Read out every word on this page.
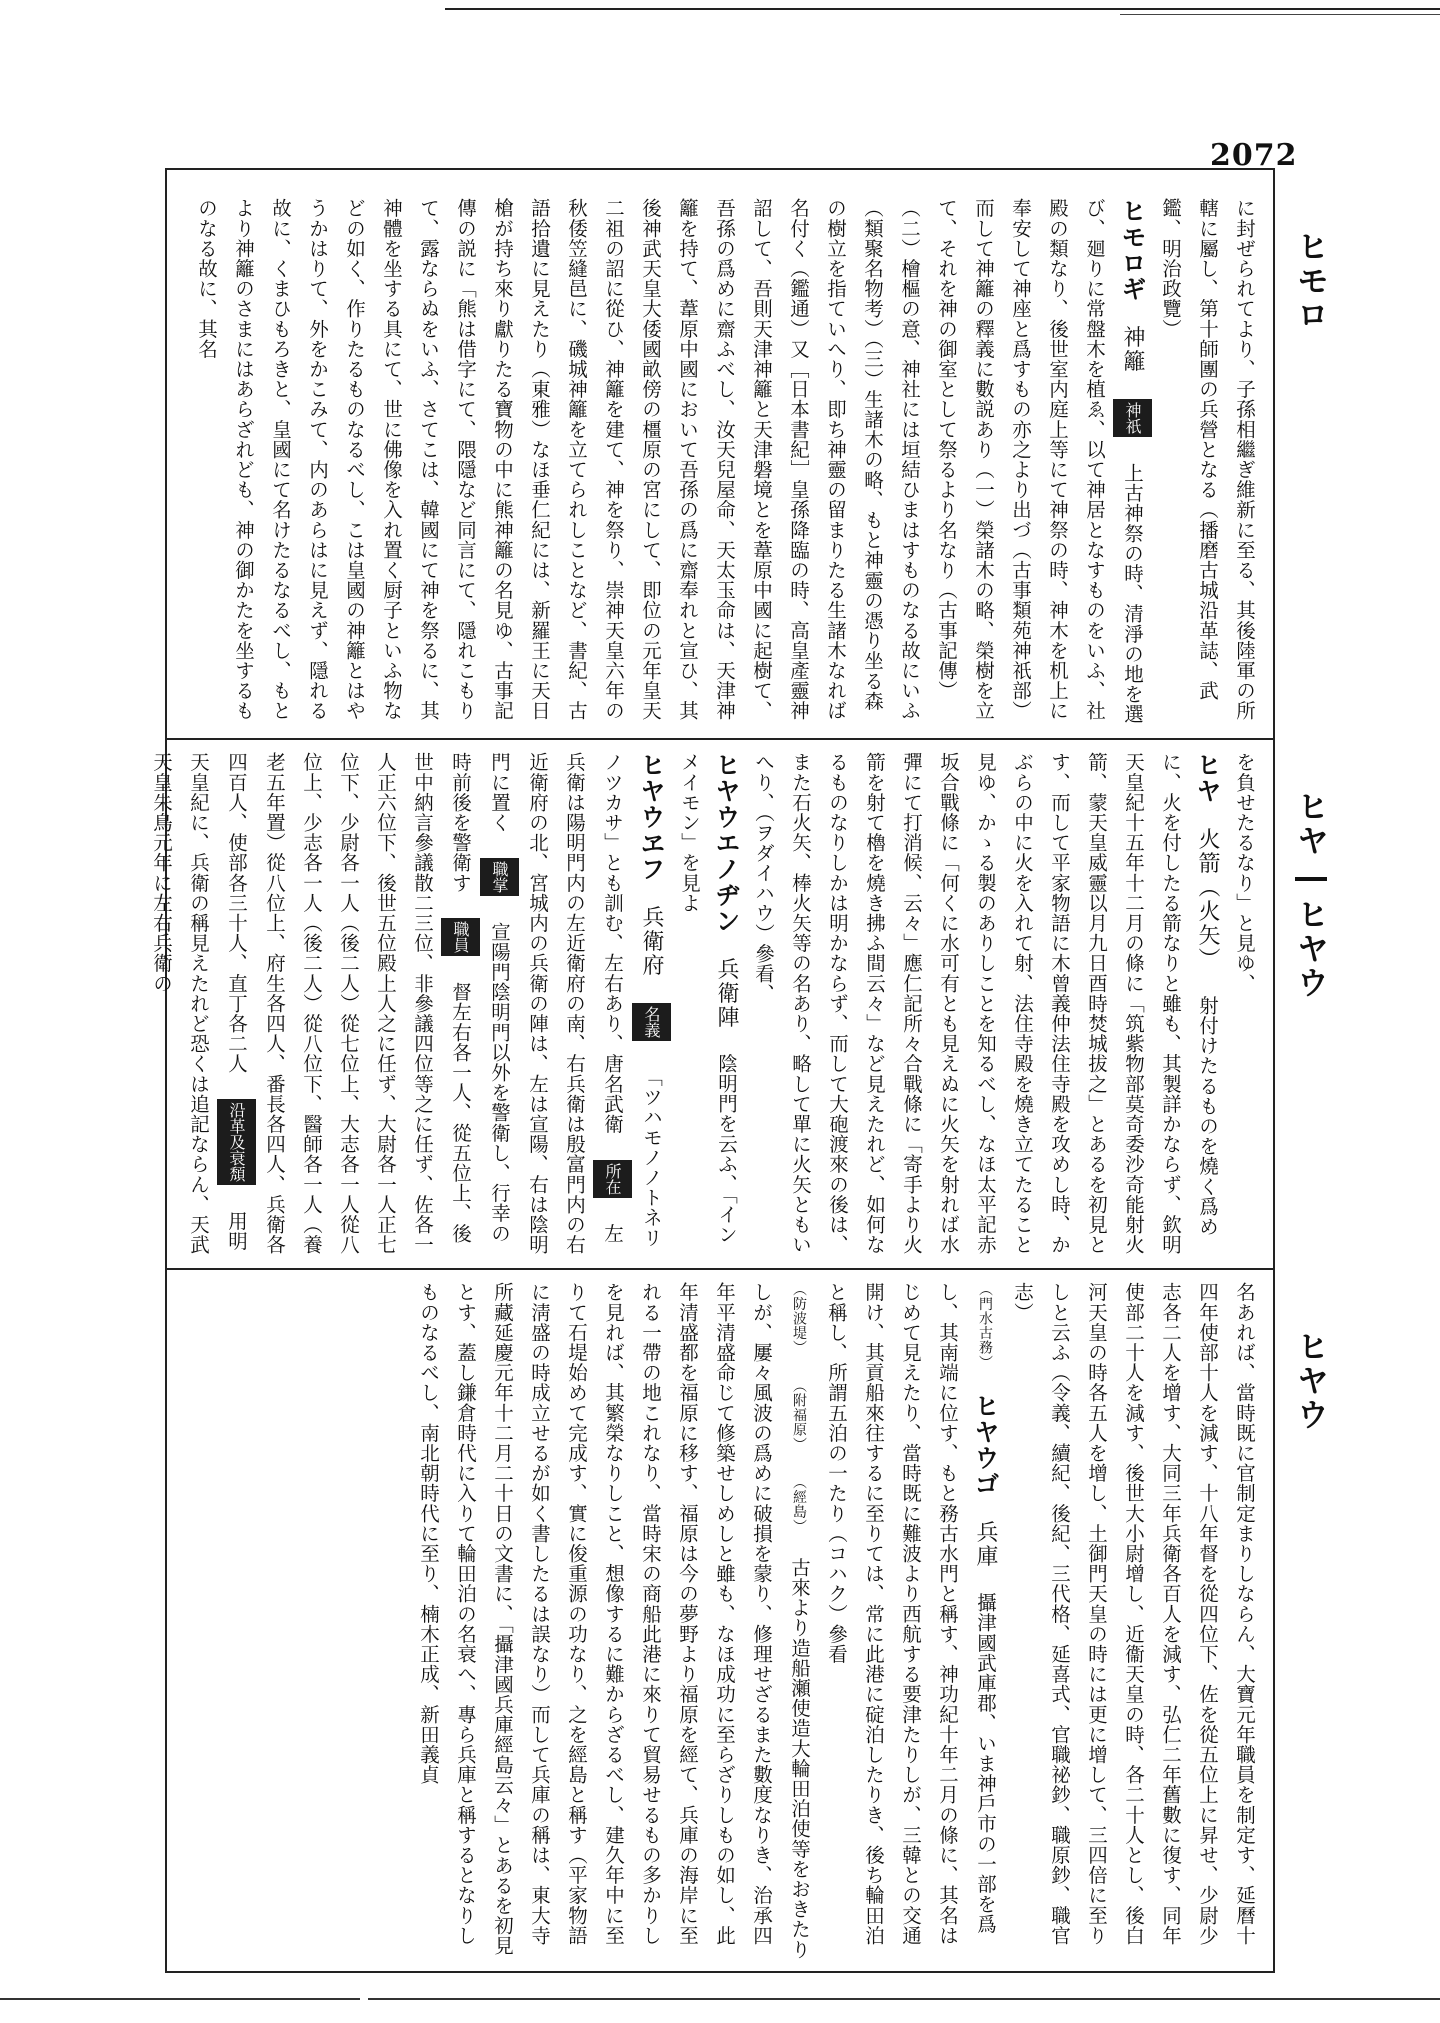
2072
ヒモロ
ヒヤ―ヒヤウ
ヒヤウ
に封ぜられてより、子孫相繼ぎ維新に至る、其後陸軍の所轄に屬し、第十師團の兵營となる（播磨古城沿革誌、武鑑、明治政覽）
ヒモロギ 神籬 神祇 上古神祭の時、清淨の地を選び、廻りに常盤木を植ゑ、以て神居となすものをいふ、社殿の類なり、後世室内庭上等にて神祭の時、神木を机上に奉安して神座と爲すもの亦之より出づ（古事類苑神祇部）而して神籬の釋義に數説あり（一）榮諸木の略、榮樹を立て、それを神の御室として祭るより名なり（古事記傳）（二）檜樞の意、神社には垣結ひまはすものなる故にいふ（類聚名物考）（三）生諸木の略、もと神靈の憑り坐る森の樹立を指ていへり、即ち神靈の留まりたる生諸木なれば名付く（鑑通）又［日本書紀］皇孫降臨の時、高皇產靈神詔して、吾則天津神籬と天津磐境とを葦原中國に起樹て、吾孫の爲めに齋ふべし、汝天兒屋命、天太玉命は、天津神籬を持て、葦原中國において吾孫の爲に齋奉れと宣ひ、其後神武天皇大倭國畝傍の橿原の宮にして、即位の元年皇天二祖の詔に從ひ、神籬を建て、神を祭り、崇神天皇六年の秋倭笠縫邑に、磯城神籬を立てられしことなど、書紀、古語拾遺に見えたり（東雅）なほ垂仁紀には、新羅王に天日槍が持ち來り獻りたる寶物の中に熊神籬の名見ゆ、古事記傳の説に「熊は借字にて、隈隱など同言にて、隱れこもりて、露ならぬをいふ、さてこは、韓國にて神を祭るに、其神體を坐する具にて、世に佛像を入れ置く厨子といふ物などの如く、作りたるものなるべし、こは皇國の神籬とはやうかはりて、外をかこみて、内のあらはに見えず、隱れる故に、くまひもろきと、皇國にて名けたるなるべし、もとより神籬のさまにはあらざれども、神の御かたを坐するものなる故に、其名
を負せたるなり」と見ゆ、
ヒヤ 火箭（火矢） 射付けたるものを燒く爲めに、火を付したる箭なりと雖も、其製詳かならず、欽明天皇紀十五年十二月の條に「筑紫物部莫奇委沙奇能射火箭、蒙天皇威靈以月九日酉時焚城拔之」とあるを初見とす、而して平家物語に木曾義仲法住寺殿を攻めし時、かぶらの中に火を入れて射、法住寺殿を燒き立てたること見ゆ、かゝる製のありしことを知るべし、なほ太平記赤坂合戰條に「何くに水可有とも見えぬに火矢を射れば水彈にて打消候、云々」應仁記所々合戰條に「寄手より火箭を射て櫓を燒き拂ふ間云々」など見えたれど、如何なるものなりしかは明かならず、而して大砲渡來の後は、また石火矢、棒火矢等の名あり、略して單に火矢ともいへり、（ヲダイハウ）參看、
ヒヤウエノヂン 兵衛陣 陰明門を云ふ、「インメイモン」を見よ
ヒヤウヱフ 兵衛府 名義 「ツハモノノトネリノツカサ」とも訓む、左右あり、唐名武衛 所在 左兵衛は陽明門内の左近衛府の南、右兵衛は殷富門内の右近衛府の北、宮城内の兵衛の陣は、左は宣陽、右は陰明門に置く 職掌 宣陽門陰明門以外を警衛し、行幸の時前後を警衛す 職員 督左右各一人、從五位上、後世中納言參議散二三位、非參議四位等之に任ず、佐各一人正六位下、後世五位殿上人之に任ず、大尉各一人正七位下、少尉各一人（後二人）從七位上、大志各一人從八位上、少志各一人（後二人）從八位下、醫師各一人（養老五年置）從八位上、府生各四人、番長各四人、兵衛各四百人、使部各三十人、直丁各二人 沿革及衰頽 用明天皇紀に、兵衛の稱見えたれど恐くは追記ならん、天武天皇朱鳥元年に左右兵衛の
名あれば、當時既に官制定まりしならん、大寶元年職員を制定す、延曆十四年使部十人を減す、十八年督を從四位下、佐を從五位上に昇せ、少尉少志各二人を增す、大同三年兵衛各百人を減す、弘仁二年舊數に復す、同年使部二十人を減す、後世大小尉增し、近衞天皇の時、各二十人とし、後白河天皇の時各五人を增し、土御門天皇の時には更に增して、三四倍に至りしと云ふ（令義、續紀、後紀、三代格、延喜式、官職祕鈔、職原鈔、職官志）
（門水古務） ヒヤウゴ 兵庫 攝津國武庫郡、いま神戶市の一部を爲し、其南端に位す、もと務古水門と稱す、神功紀十年二月の條に、其名はじめて見えたり、當時既に難波より西航する要津たりしが、三韓との交通開け、其貢船來往するに至りては、常に此港に碇泊したりき、後ち輪田泊と稱し、所謂五泊の一たり（コハク）參看
（防波堤） （附福原） （經島） 古來より造船瀬使造大輪田泊使等をおきたりしが、屢々風波の爲めに破損を蒙り、修理せざるまた數度なりき、治承四年平清盛命じて修築せしめしと雖も、なほ成功に至らざりしもの如し、此年清盛都を福原に移す、福原は今の夢野より福原を經て、兵庫の海岸に至れる一帶の地これなり、當時宋の商船此港に來りて貿易せるもの多かりしを見れば、其繁榮なりしこと、想像するに難からざるべし、建久年中に至りて石堤始めて完成す、實に俊重源の功なり、之を經島と稱す（平家物語に淸盛の時成立せるが如く書したるは誤なり）而して兵庫の稱は、東大寺所藏延慶元年十二月二十日の文書に、「攝津國兵庫經島云々」とあるを初見とす、蓋し鎌倉時代に入りて輪田泊の名衰へ、專ら兵庫と稱するとなりしものなるべし、南北朝時代に至り、楠木正成、新田義貞
